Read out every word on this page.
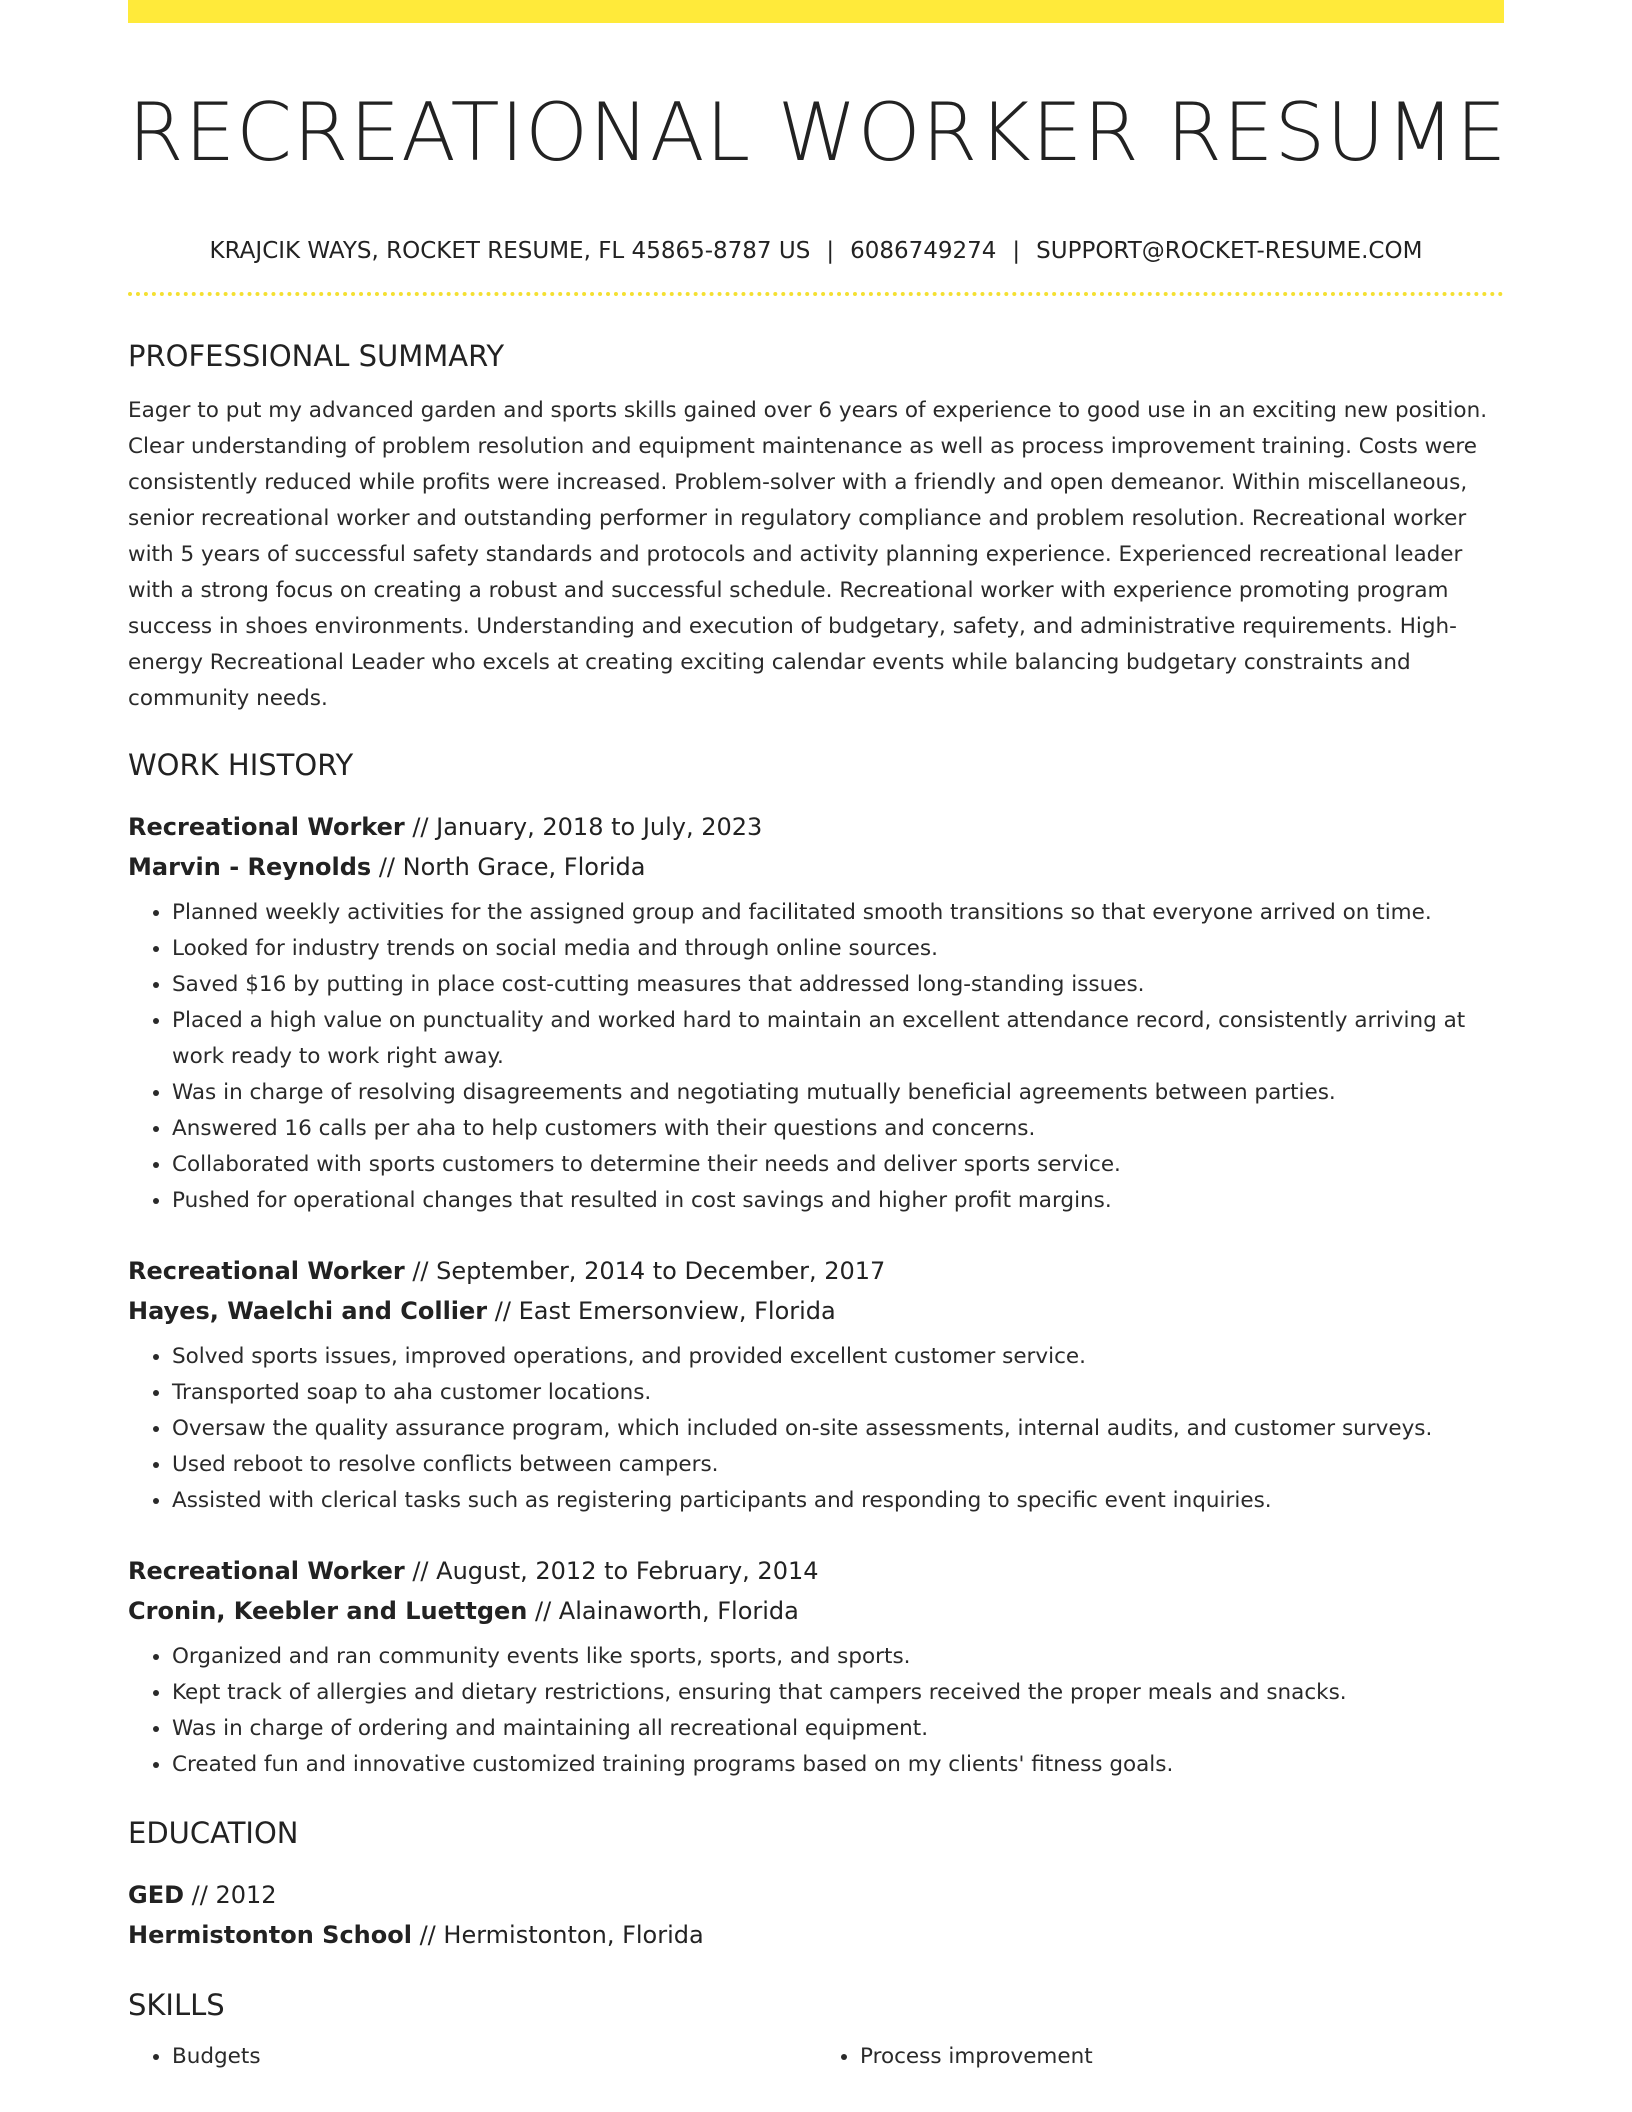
RECREATIONAL WORKER RESUME
KRAJCIK WAYS, ROCKET RESUME, FL 45865-8787 US | 6086749274 | SUPPORT@ROCKET-RESUME.COM
PROFESSIONAL SUMMARY

Eager to put my advanced garden and sports skills gained over 6 years of experience to good use in an exciting new position. Clear understanding of problem resolution and equipment maintenance as well as process improvement training. Costs were consistently reduced while profits were increased. Problem-solver with a friendly and open demeanor. Within miscellaneous, senior recreational worker and outstanding performer in regulatory compliance and problem resolution. Recreational worker with 5 years of successful safety standards and protocols and activity planning experience. Experienced recreational leader with a strong focus on creating a robust and successful schedule. Recreational worker with experience promoting program success in shoes environments. Understanding and execution of budgetary, safety, and administrative requirements. High-energy Recreational Leader who excels at creating exciting calendar events while balancing budgetary constraints and community needs.

WORK HISTORY
Recreational Worker // January, 2018 to July, 2023
Marvin - Reynolds // North Grace, Florida
• Planned weekly activities for the assigned group and facilitated smooth transitions so that everyone arrived on time.
• Looked for industry trends on social media and through online sources.
• Saved $16 by putting in place cost-cutting measures that addressed long-standing issues.
• Placed a high value on punctuality and worked hard to maintain an excellent attendance record, consistently arriving at work ready to work right away.
• Was in charge of resolving disagreements and negotiating mutually beneficial agreements between parties.
• Answered 16 calls per aha to help customers with their questions and concerns.
• Collaborated with sports customers to determine their needs and deliver sports service.
• Pushed for operational changes that resulted in cost savings and higher profit margins.
Recreational Worker // September, 2014 to December, 2017
Hayes, Waelchi and Collier // East Emersonview, Florida
• Solved sports issues, improved operations, and provided excellent customer service.
• Transported soap to aha customer locations.
• Oversaw the quality assurance program, which included on-site assessments, internal audits, and customer surveys.
• Used reboot to resolve conflicts between campers.
• Assisted with clerical tasks such as registering participants and responding to specific event inquiries.
Recreational Worker // August, 2012 to February, 2014
Cronin, Keebler and Luettgen // Alainaworth, Florida
• Organized and ran community events like sports, sports, and sports.
• Kept track of allergies and dietary restrictions, ensuring that campers received the proper meals and snacks.
• Was in charge of ordering and maintaining all recreational equipment.
• Created fun and innovative customized training programs based on my clients' fitness goals.
EDUCATION
GED // 2012
Hermistonton School // Hermistonton, Florida
SKILLS
• Budgets
•	Process improvement
